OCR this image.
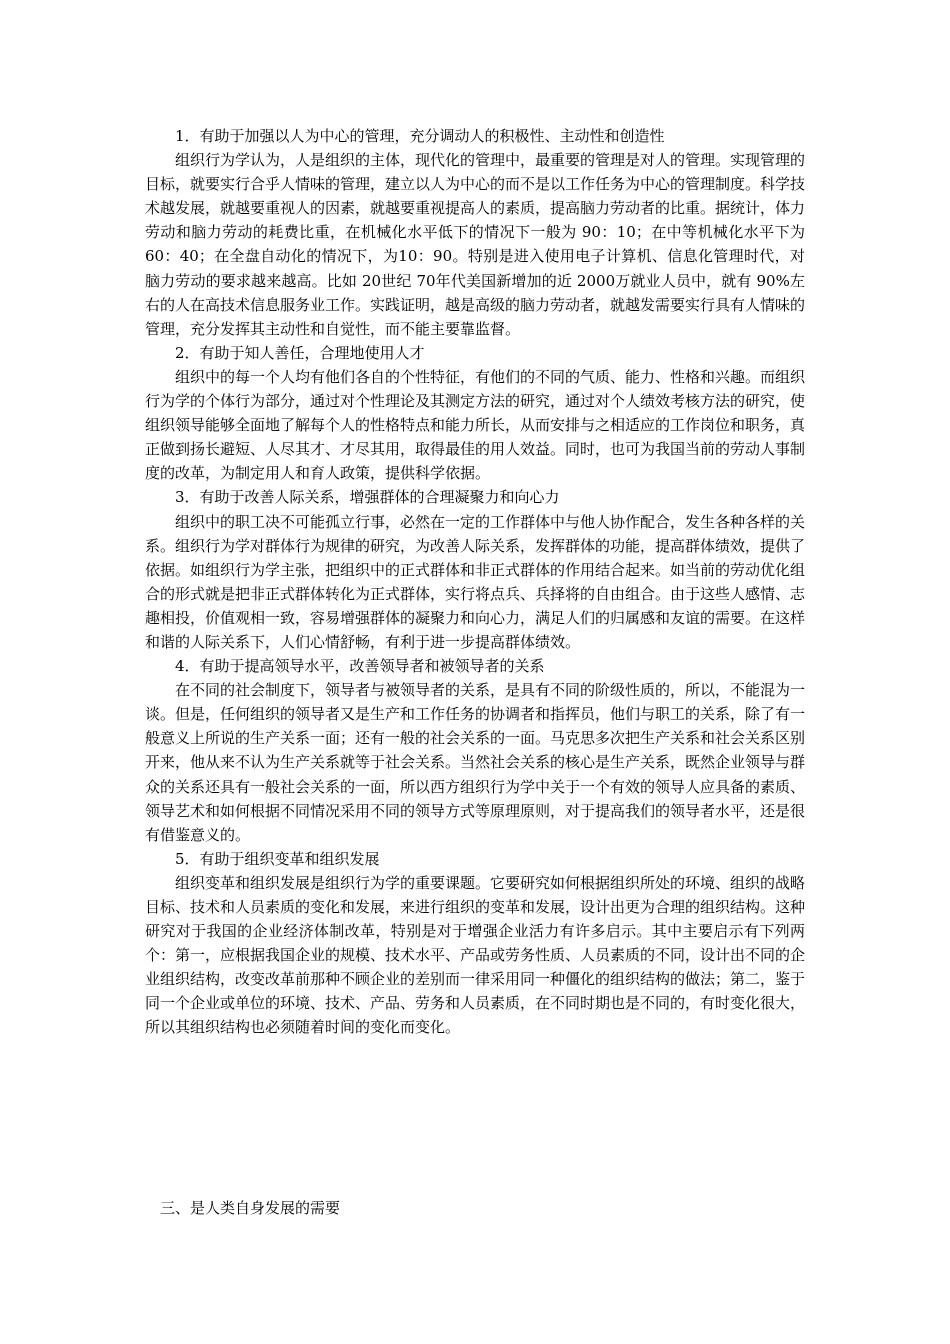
1．有助于加强以人为中心的管理，充分调动人的积极性、主动性和创造性

组织行为学认为，人是组织的主体，现代化的管理中，最重要的管理是对人的管理。实现管理的目标，就要实行合乎人情味的管理，建立以人为中心的而不是以工作任务为中心的管理制度。科学技术越发展，就越要重视人的因素，就越要重视提高人的素质，提高脑力劳动者的比重。据统计，体力劳动和脑力劳动的耗费比重，在机械化水平低下的情况下一般为 90：10；在中等机械化水平下为 60：40；在全盘自动化的情况下，为10：90。特别是进入使用电子计算机、信息化管理时代，对脑力劳动的要求越来越高。比如 20世纪 70年代美国新增加的近 2000万就业人员中，就有 90%左右的人在高技术信息服务业工作。实践证明，越是高级的脑力劳动者，就越发需要实行具有人情味的管理，充分发挥其主动性和自觉性，而不能主要靠监督。

2．有助于知人善任，合理地使用人才

组织中的每一个人均有他们各自的个性特征，有他们的不同的气质、能力、性格和兴趣。而组织行为学的个体行为部分，通过对个性理论及其测定方法的研究，通过对个人绩效考核方法的研究，使组织领导能够全面地了解每个人的性格特点和能力所长，从而安排与之相适应的工作岗位和职务，真正做到扬长避短、人尽其才、才尽其用，取得最佳的用人效益。同时，也可为我国当前的劳动人事制度的改革，为制定用人和育人政策，提供科学依据。

3．有助于改善人际关系，增强群体的合理凝聚力和向心力

组织中的职工决不可能孤立行事，必然在一定的工作群体中与他人协作配合，发生各种各样的关系。组织行为学对群体行为规律的研究，为改善人际关系，发挥群体的功能，提高群体绩效，提供了依据。如组织行为学主张，把组织中的正式群体和非正式群体的作用结合起来。如当前的劳动优化组合的形式就是把非正式群体转化为正式群体，实行将点兵、兵择将的自由组合。由于这些人感情、志趣相投，价值观相一致，容易增强群体的凝聚力和向心力，满足人们的归属感和友谊的需要。在这样和谐的人际关系下，人们心情舒畅，有利于进一步提高群体绩效。

4．有助于提高领导水平，改善领导者和被领导者的关系

在不同的社会制度下，领导者与被领导者的关系，是具有不同的阶级性质的，所以，不能混为一谈。但是，任何组织的领导者又是生产和工作任务的协调者和指挥员，他们与职工的关系，除了有一般意义上所说的生产关系一面；还有一般的社会关系的一面。马克思多次把生产关系和社会关系区别开来，他从来不认为生产关系就等于社会关系。当然社会关系的核心是生产关系，既然企业领导与群众的关系还具有一般社会关系的一面，所以西方组织行为学中关于一个有效的领导人应具备的素质、领导艺术和如何根据不同情况采用不同的领导方式等原理原则，对于提高我们的领导者水平，还是很有借鉴意义的。

5．有助于组织变革和组织发展

组织变革和组织发展是组织行为学的重要课题。它要研究如何根据组织所处的环境、组织的战略目标、技术和人员素质的变化和发展，来进行组织的变革和发展，设计出更为合理的组织结构。这种研究对于我国的企业经济体制改革，特别是对于增强企业活力有许多启示。其中主要启示有下列两个：第一，应根据我国企业的规模、技术水平、产品或劳务性质、人员素质的不同，设计出不同的企业组织结构，改变改革前那种不顾企业的差别而一律采用同一种僵化的组织结构的做法；第二，鉴于同一个企业或单位的环境、技术、产品、劳务和人员素质，在不同时期也是不同的，有时变化很大，所以其组织结构也必须随着时间的变化而变化。

三、是人类自身发展的需要
